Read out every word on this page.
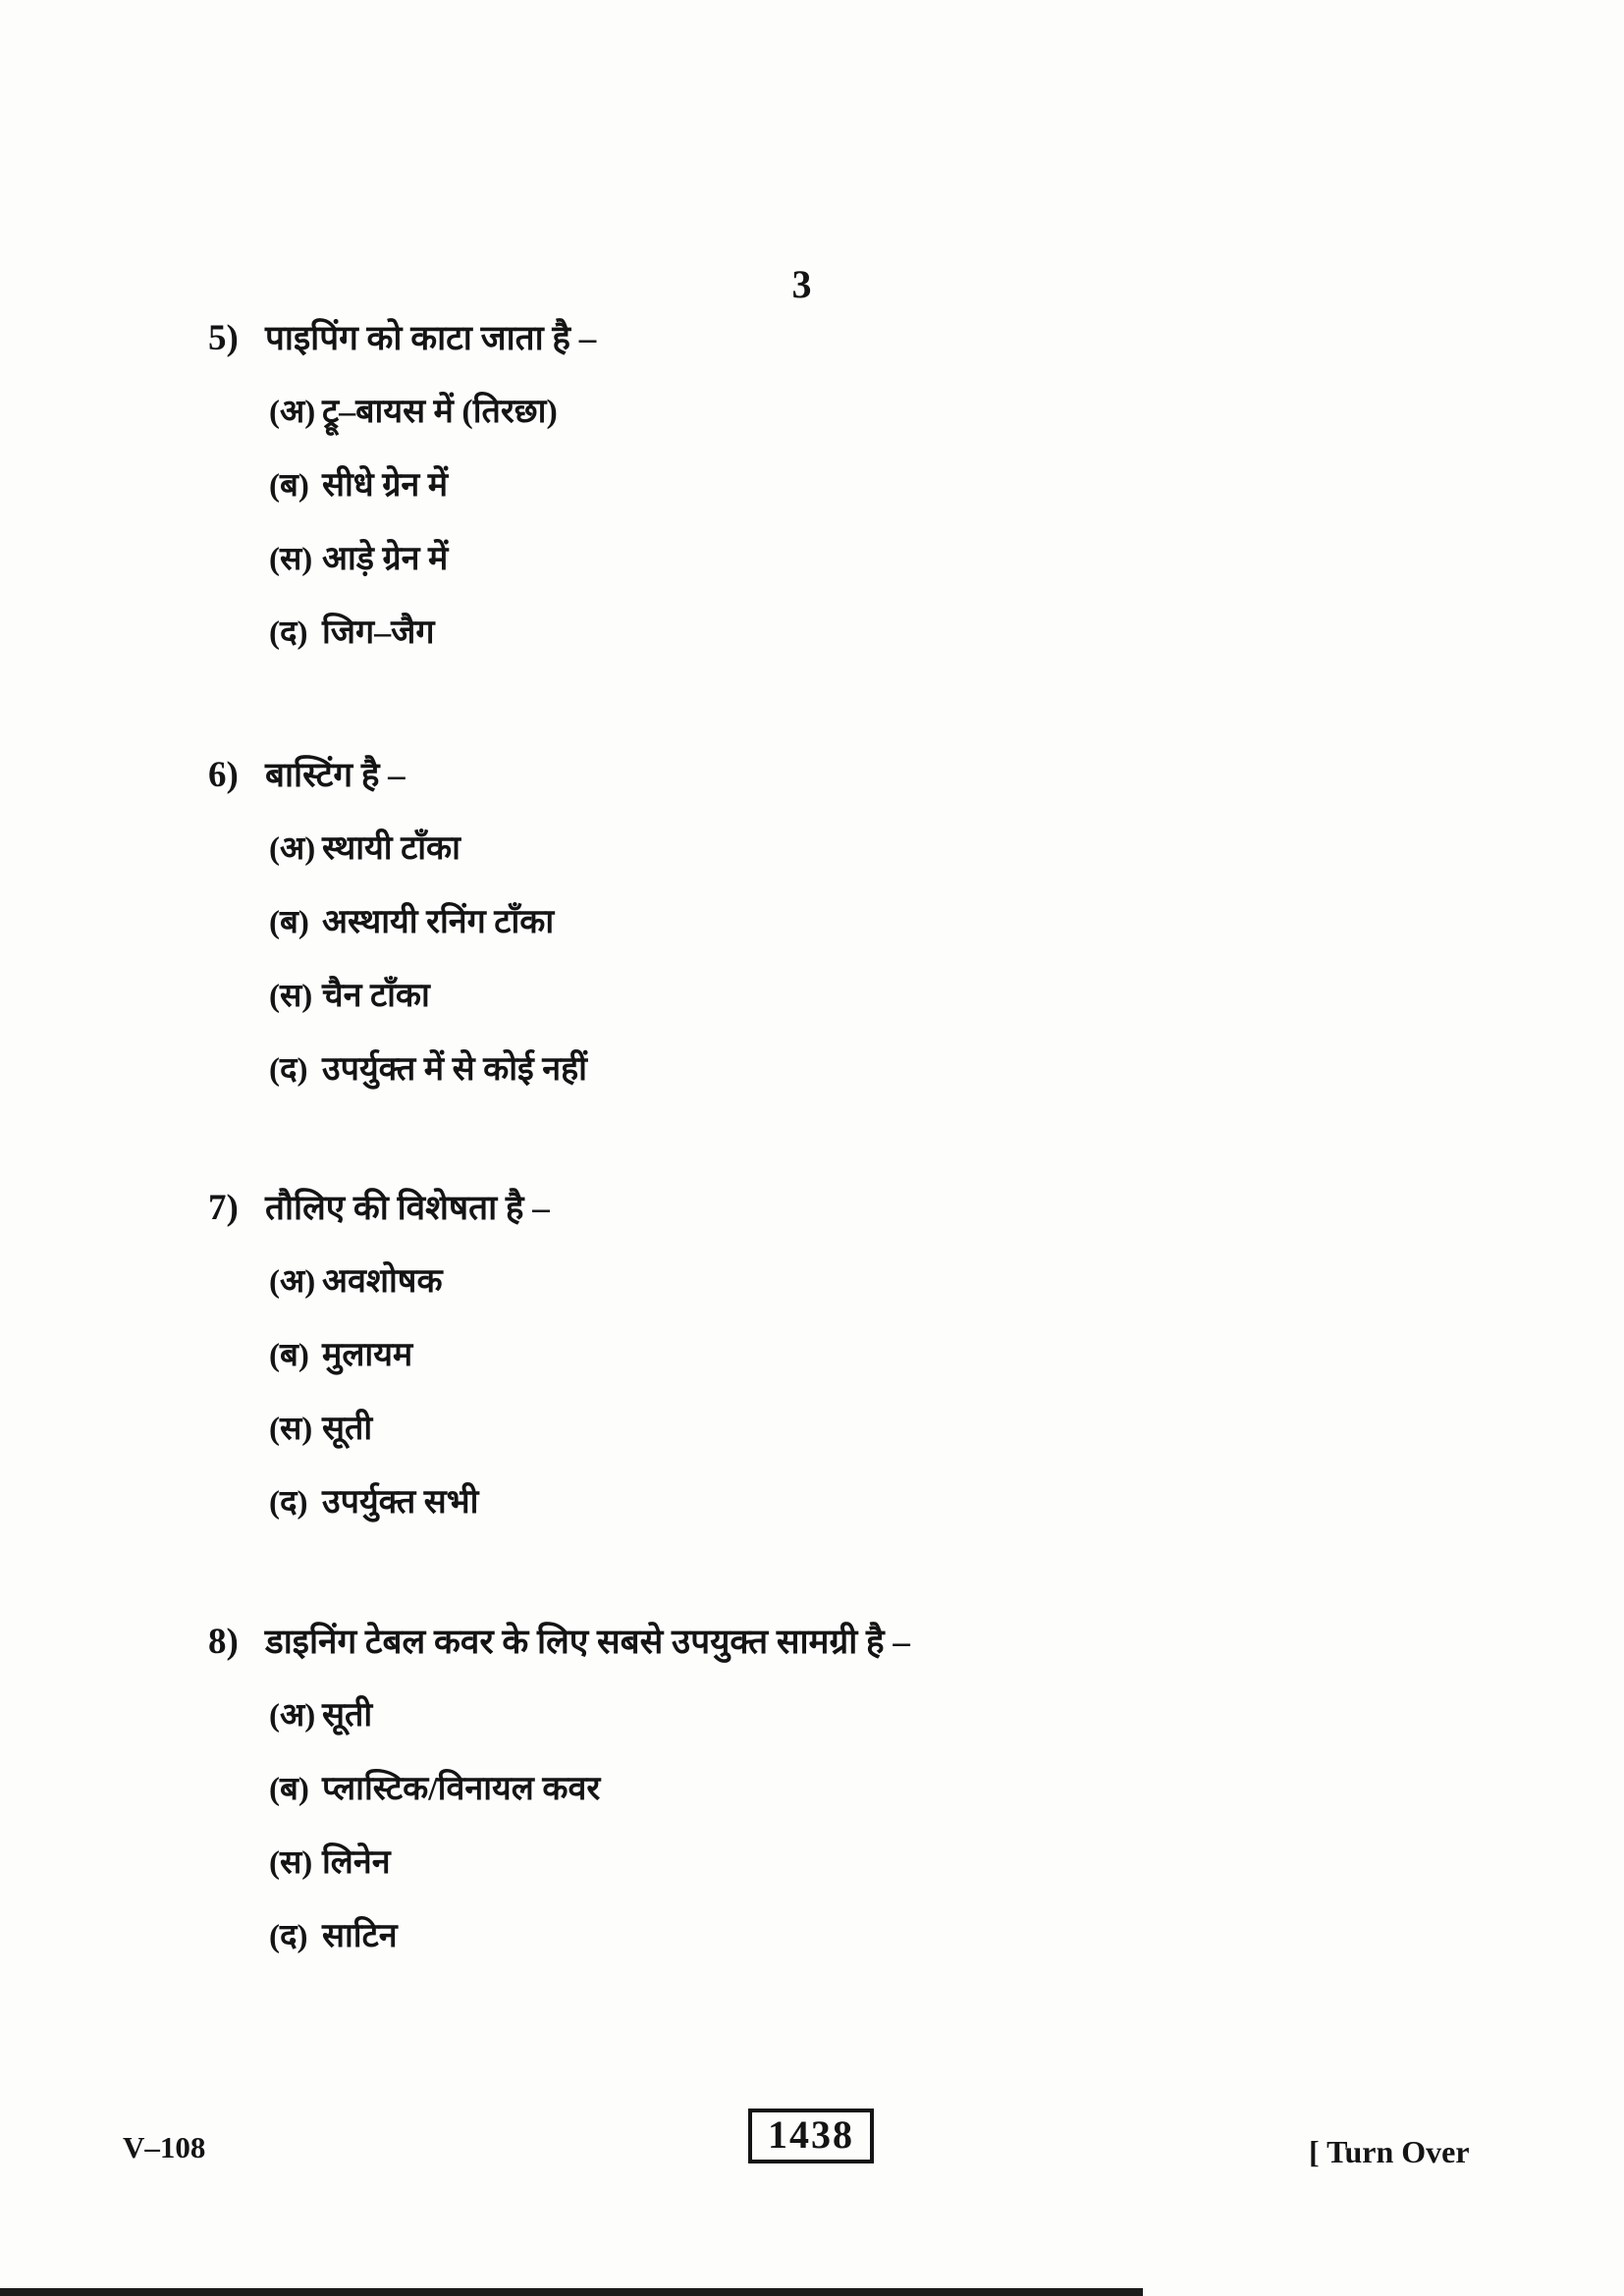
3
5) पाइपिंग को काटा जाता है –
(अ) ट्रू–बायस में (तिरछा)
(ब) सीधे ग्रेन में
(स) आड़े ग्रेन में
(द) जिग–जैग
6) बास्टिंग है –
(अ) स्थायी टाँका
(ब) अस्थायी रनिंग टाँका
(स) चैन टाँका
(द) उपर्युक्त में से कोई नहीं
7) तौलिए की विशेषता है –
(अ) अवशोषक
(ब) मुलायम
(स) सूती
(द) उपर्युक्त सभी
8) डाइनिंग टेबल कवर के लिए सबसे उपयुक्त सामग्री है –
(अ) सूती
(ब) प्लास्टिक/विनायल कवर
(स) लिनेन
(द) साटिन
V–108	1438	[ Turn Over
